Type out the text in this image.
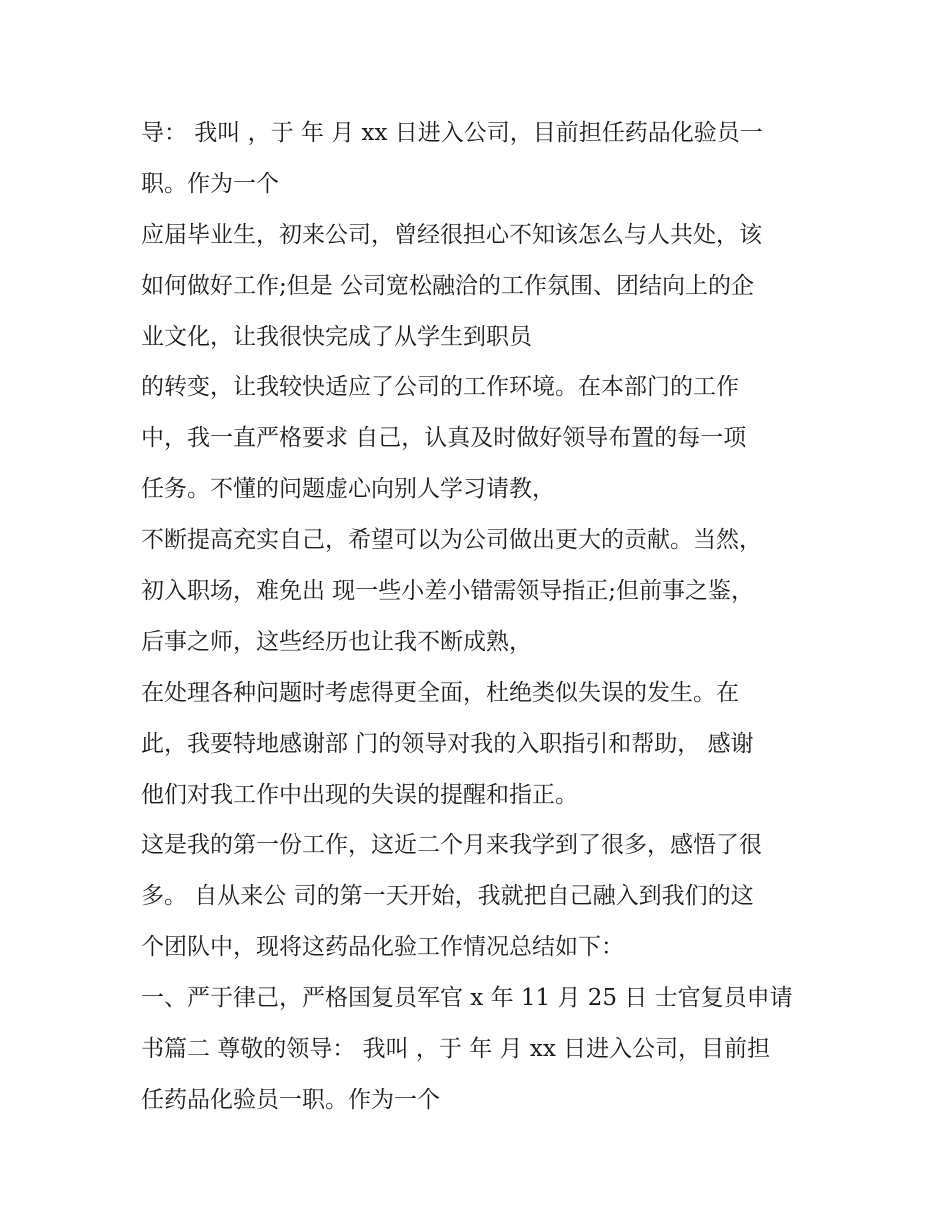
导： 我叫 ，于 年 月 xx 日进入公司，目前担任药品化验员一
职。作为一个
应届毕业生，初来公司，曾经很担心不知该怎么与人共处，该
如何做好工作;但是 公司宽松融洽的工作氛围、团结向上的企
业文化，让我很快完成了从学生到职员
的转变，让我较快适应了公司的工作环境。在本部门的工作
中，我一直严格要求 自己，认真及时做好领导布置的每一项
任务。不懂的问题虚心向别人学习请教，
不断提高充实自己，希望可以为公司做出更大的贡献。当然，
初入职场，难免出 现一些小差小错需领导指正;但前事之鉴，
后事之师，这些经历也让我不断成熟，
在处理各种问题时考虑得更全面，杜绝类似失误的发生。在
此，我要特地感谢部 门的领导对我的入职指引和帮助， 感谢
他们对我工作中出现的失误的提醒和指正。
这是我的第一份工作，这近二个月来我学到了很多，感悟了很
多。 自从来公 司的第一天开始，我就把自己融入到我们的这
个团队中，现将这药品化验工作情况总结如下：
一、严于律己，严格国复员军官 x 年 11 月 25 日 士官复员申请
书篇二 尊敬的领导： 我叫 ，于 年 月 xx 日进入公司，目前担
任药品化验员一职。作为一个
